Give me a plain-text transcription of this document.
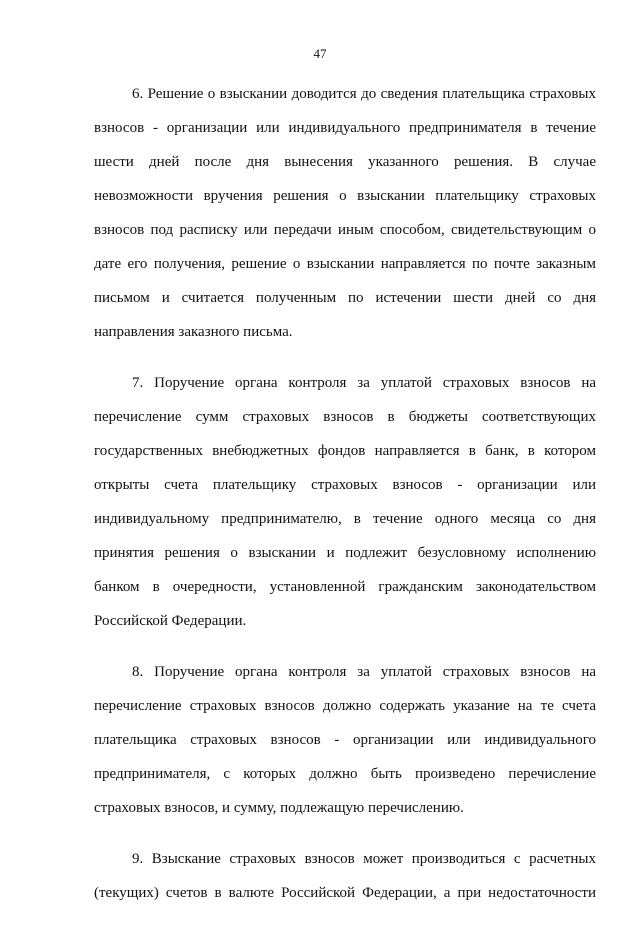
47
6. Решение о взыскании доводится до сведения плательщика страховых
взносов - организации или индивидуального предпринимателя в течение
шести дней после дня вынесения указанного решения. В случае
невозможности вручения решения о взыскании плательщику страховых
взносов под расписку или передачи иным способом, свидетельствующим о
дате его получения, решение о взыскании направляется по почте заказным
письмом и считается полученным по истечении шести дней со дня
направления заказного письма.
7. Поручение органа контроля за уплатой страховых взносов на
перечисление сумм страховых взносов в бюджеты соответствующих
государственных внебюджетных фондов направляется в банк, в котором
открыты счета плательщику страховых взносов - организации или
индивидуальному предпринимателю, в течение одного месяца со дня
принятия решения о взыскании и подлежит безусловному исполнению
банком в очередности, установленной гражданским законодательством
Российской Федерации.
8. Поручение органа контроля за уплатой страховых взносов на
перечисление страховых взносов должно содержать указание на те счета
плательщика страховых взносов - организации или индивидуального
предпринимателя, с которых должно быть произведено перечисление
страховых взносов, и сумму, подлежащую перечислению.
9. Взыскание страховых взносов может производиться с расчетных
(текущих) счетов в валюте Российской Федерации, а при недостаточности
